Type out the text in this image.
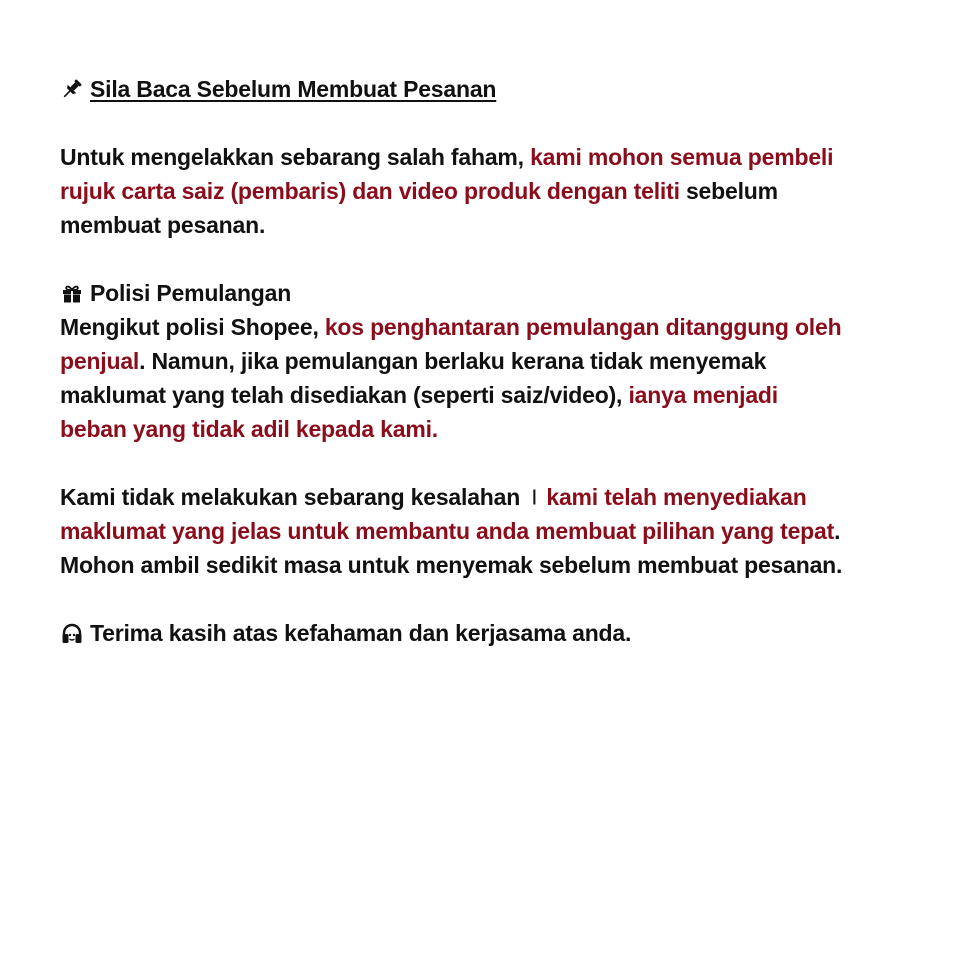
Sila Baca Sebelum Membuat Pesanan
Untuk mengelakkan sebarang salah faham, kami mohon semua pembeli
rujuk carta saiz (pembaris) dan video produk dengan teliti sebelum
membuat pesanan.
Polisi Pemulangan
Mengikut polisi Shopee, kos penghantaran pemulangan ditanggung oleh
penjual . Namun, jika pemulangan berlaku kerana tidak menyemak
maklumat yang telah disediakan (seperti saiz/video), ianya menjadi
beban yang tidak adil kepada kami.
Kami tidak melakukan sebarang kesalahan | kami telah menyediakan
maklumat yang jelas untuk membantu anda membuat pilihan yang tepat .
Mohon ambil sedikit masa untuk menyemak sebelum membuat pesanan.
Terima kasih atas kefahaman dan kerjasama anda.
